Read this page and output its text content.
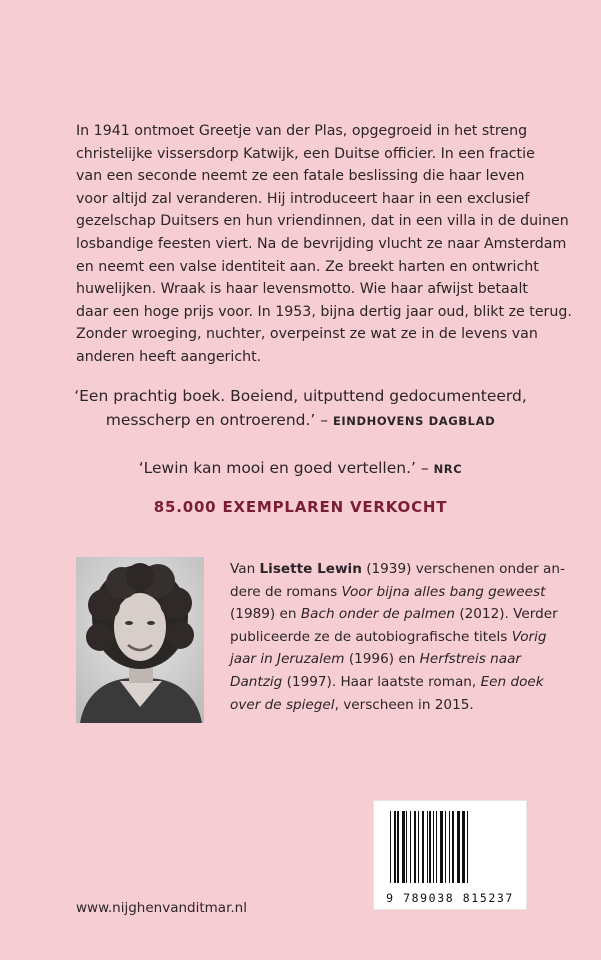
In 1941 ontmoet Greetje van der Plas, opgegroeid in het streng
christelijke vissersdorp Katwijk, een Duitse officier. In een fractie
van een seconde neemt ze een fatale beslissing die haar leven
voor altijd zal veranderen. Hij introduceert haar in een exclusief
gezelschap Duitsers en hun vriendinnen, dat in een villa in de duinen
losbandige feesten viert. Na de bevrijding vlucht ze naar Amsterdam
en neemt een valse identiteit aan. Ze breekt harten en ontwricht
huwelijken. Wraak is haar levensmotto. Wie haar afwijst betaalt
daar een hoge prijs voor. In 1953, bijna dertig jaar oud, blikt ze terug.
Zonder wroeging, nuchter, overpeinst ze wat ze in de levens van
anderen heeft aangericht.
‘Een prachtig boek. Boeiend, uitputtend gedocumenteerd,
messcherp en ontroerend.’ – EINDHOVENS DAGBLAD
‘Lewin kan mooi en goed vertellen.’ – NRC
85.000 EXEMPLAREN VERKOCHT
Van Lisette Lewin (1939) verschenen onder an-
dere de romans Voor bijna alles bang geweest
(1989) en Bach onder de palmen (2012). Verder
publiceerde ze de autobiografische titels Vorig
jaar in Jeruzalem (1996) en Herfstreis naar
Dantzig (1997). Haar laatste roman, Een doek
over de spiegel, verscheen in 2015.
9 789038 815237
www.nijghenvanditmar.nl
